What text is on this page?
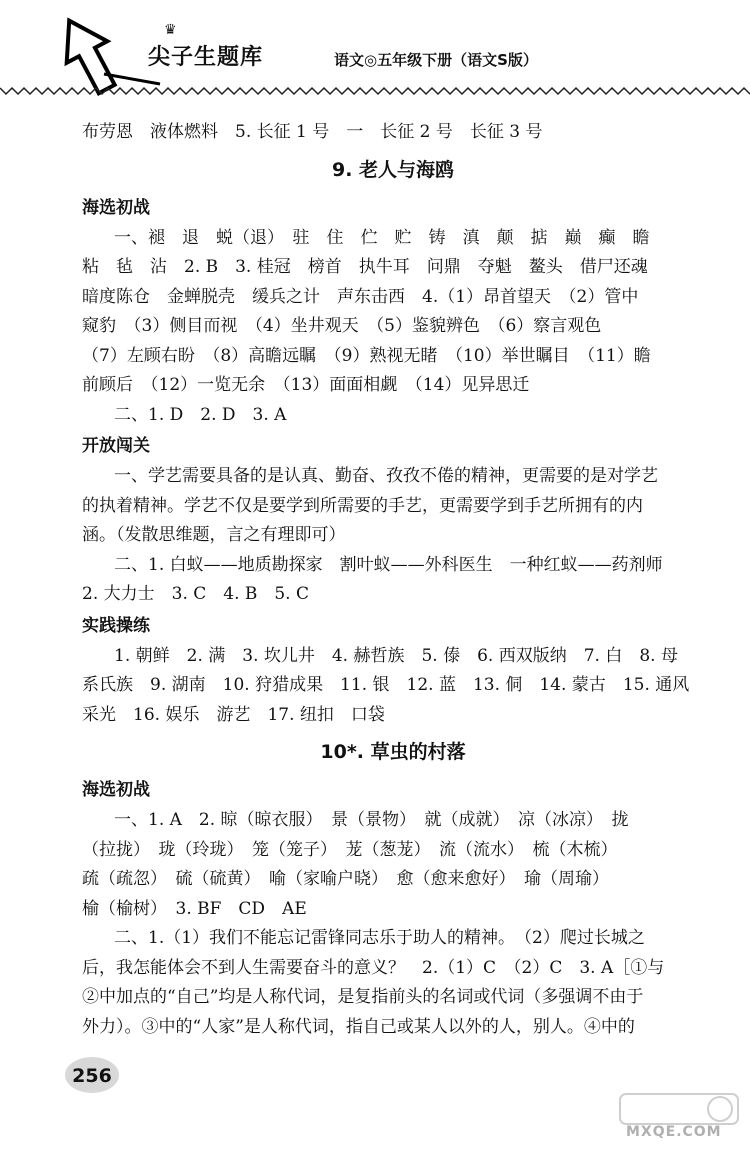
♛
尖子生题库	语文◎五年级下册（语文S版）
布劳恩　液体燃料　5. 长征 1 号　一　长征 2 号　长征 3 号
9. 老人与海鸥
海选初战
一、褪　退　蜕（退）　驻　住　伫　贮　铸　滇　颠　掂　巅　癫　瞻
粘　毡　沾　2. B　3. 桂冠　榜首　执牛耳　问鼎　夺魁　鳌头　借尸还魂
暗度陈仓　金蝉脱壳　缓兵之计　声东击西　4.（1）昂首望天　（2）管中
窥豹　（3）侧目而视　（4）坐井观天　（5）鉴貌辨色　（6）察言观色
（7）左顾右盼　（8）高瞻远瞩　（9）熟视无睹　（10）举世瞩目　（11）瞻
前顾后　（12）一览无余　（13）面面相觑　（14）见异思迁
二、1. D　2. D　3. A
开放闯关
一、学艺需要具备的是认真、勤奋、孜孜不倦的精神，更需要的是对学艺
的执着精神。学艺不仅是要学到所需要的手艺，更需要学到手艺所拥有的内
涵。（发散思维题，言之有理即可）
二、1. 白蚁——地质勘探家　割叶蚁——外科医生　一种红蚁——药剂师
2. 大力士　3. C　4. B　5. C
实践操练
1. 朝鲜　2. 满　3. 坎儿井　4. 赫哲族　5. 傣　6. 西双版纳　7. 白　8. 母
系氏族　9. 湖南　10. 狩猎成果　11. 银　12. 蓝　13. 侗　14. 蒙古　15. 通风
采光　16. 娱乐　游艺　17. 纽扣　口袋
10*. 草虫的村落
海选初战
一、1. A　2. 晾（晾衣服）　景（景物）　就（成就）　凉（冰凉）　拢
（拉拢）　珑（玲珑）　笼（笼子）　茏（葱茏）　流（流水）　梳（木梳）
疏（疏忽）　硫（硫黄）　喻（家喻户晓）　愈（愈来愈好）　瑜（周瑜）
榆（榆树）　3. BF　CD　AE
二、1.（1）我们不能忘记雷锋同志乐于助人的精神。　（2）爬过长城之
后，我怎能体会不到人生需要奋斗的意义？　2.（1）C　（2）C　3. A［①与
②中加点的“自己”均是人称代词，是复指前头的名词或代词（多强调不由于
外力）。③中的“人家”是人称代词，指自己或某人以外的人，别人。④中的
256
MXQE.COM
